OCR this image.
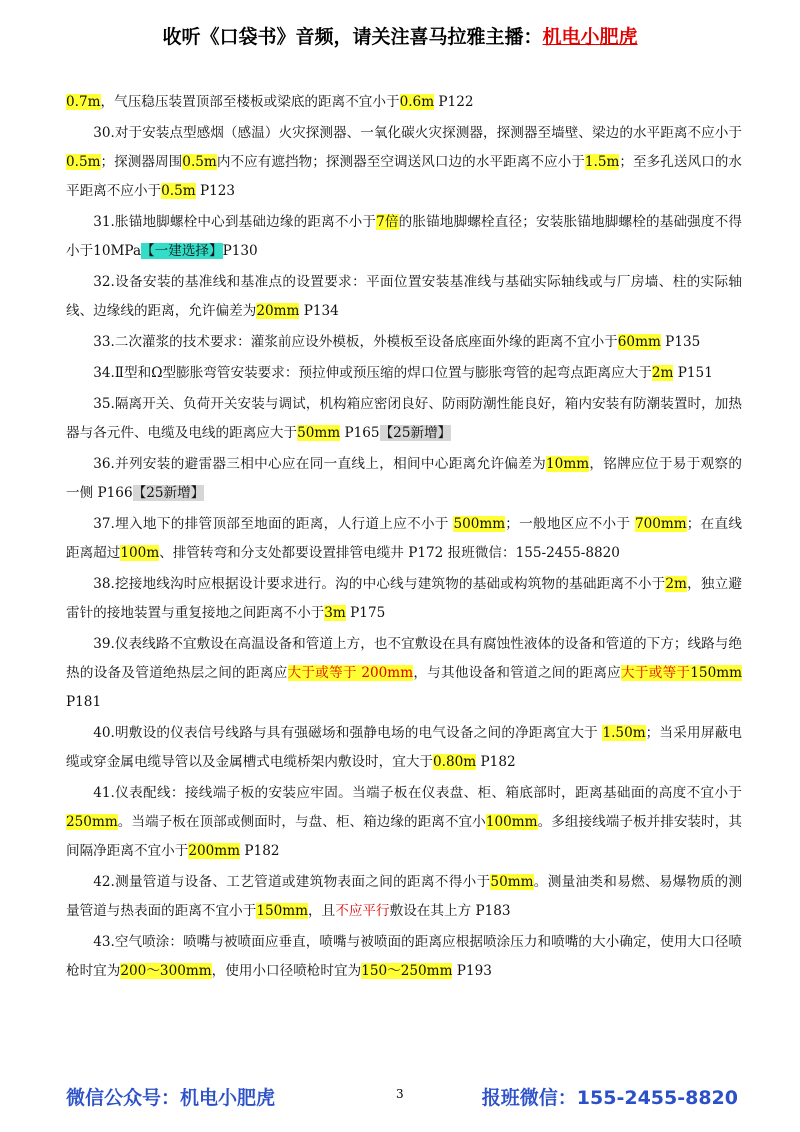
收听《口袋书》音频，请关注喜马拉雅主播：机电小肥虎

0.7m，气压稳压装置顶部至楼板或梁底的距离不宜小于0.6m P122

30.对于安装点型感烟（感温）火灾探测器、一氧化碳火灾探测器，探测器至墙壁、梁边的水平距离不应小于0.5m；探测器周围0.5m内不应有遮挡物；探测器至空调送风口边的水平距离不应小于1.5m；至多孔送风口的水平距离不应小于0.5m P123

31.胀锚地脚螺栓中心到基础边缘的距离不小于7倍的胀锚地脚螺栓直径；安装胀锚地脚螺栓的基础强度不得小于10MPa【一建选择】P130

32.设备安装的基准线和基准点的设置要求：平面位置安装基准线与基础实际轴线或与厂房墙、柱的实际轴线、边缘线的距离，允许偏差为20mm P134

33.二次灌浆的技术要求：灌浆前应设外模板，外模板至设备底座面外缘的距离不宜小于60mm P135

34.Ⅱ型和Ω型膨胀弯管安装要求：预拉伸或预压缩的焊口位置与膨胀弯管的起弯点距离应大于2m P151

35.隔离开关、负荷开关安装与调试，机构箱应密闭良好、防雨防潮性能良好，箱内安装有防潮装置时，加热器与各元件、电缆及电线的距离应大于50mm P165【25新增】

36.并列安装的避雷器三相中心应在同一直线上，相间中心距离允许偏差为10mm，铭牌应位于易于观察的一侧 P166【25新增】

37.埋入地下的排管顶部至地面的距离，人行道上应不小于 500mm；一般地区应不小于 700mm；在直线距离超过100m、排管转弯和分支处都要设置排管电缆井 P172 报班微信：155-2455-8820

38.挖接地线沟时应根据设计要求进行。沟的中心线与建筑物的基础或构筑物的基础距离不小于2m，独立避雷针的接地装置与重复接地之间距离不小于3m P175

39.仪表线路不宜敷设在高温设备和管道上方，也不宜敷设在具有腐蚀性液体的设备和管道的下方；线路与绝热的设备及管道绝热层之间的距离应大于或等于 200mm，与其他设备和管道之间的距离应大于或等于150mm P181

40.明敷设的仪表信号线路与具有强磁场和强静电场的电气设备之间的净距离宜大于 1.50m；当采用屏蔽电缆或穿金属电缆导管以及金属槽式电缆桥架内敷设时，宜大于0.80m P182

41.仪表配线：接线端子板的安装应牢固。当端子板在仪表盘、柜、箱底部时，距离基础面的高度不宜小于250mm。当端子板在顶部或侧面时，与盘、柜、箱边缘的距离不宜小100mm。多组接线端子板并排安装时，其间隔净距离不宜小于200mm P182

42.测量管道与设备、工艺管道或建筑物表面之间的距离不得小于50mm。测量油类和易燃、易爆物质的测量管道与热表面的距离不宜小于150mm，且不应平行敷设在其上方 P183

43.空气喷涂：喷嘴与被喷面应垂直，喷嘴与被喷面的距离应根据喷涂压力和喷嘴的大小确定，使用大口径喷枪时宜为200～300mm，使用小口径喷枪时宜为150～250mm P193

微信公众号：机电小肥虎	3	报班微信：155-2455-8820
